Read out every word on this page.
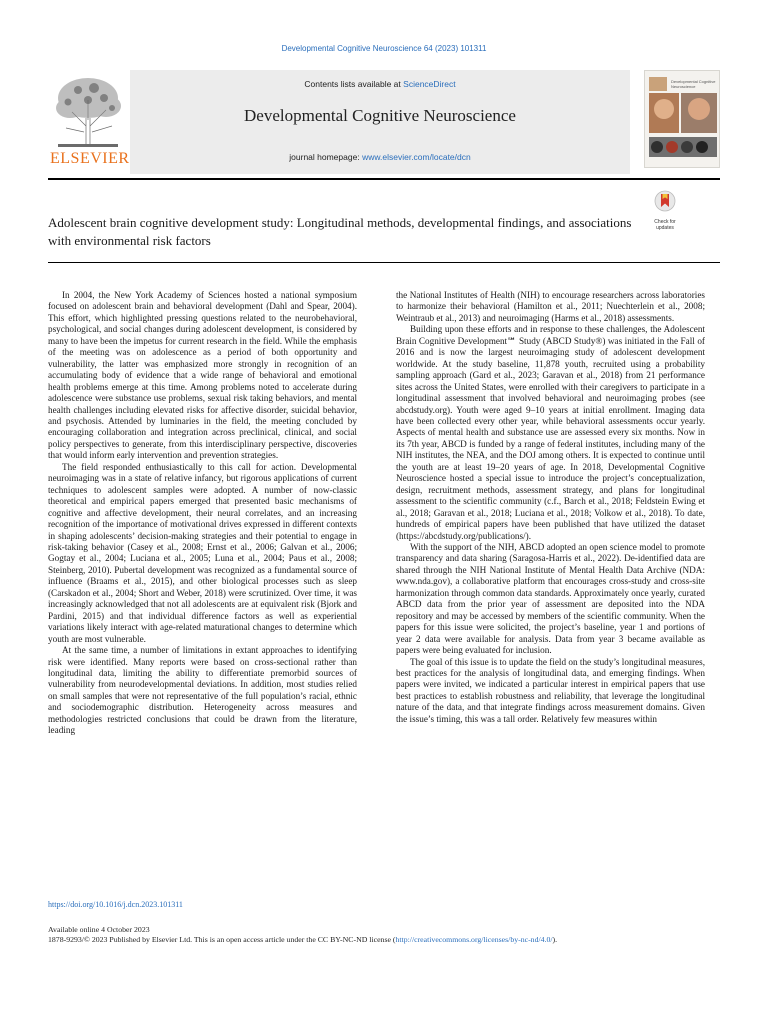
Developmental Cognitive Neuroscience 64 (2023) 101311
ELSEVIER
Contents lists available at ScienceDirect
Developmental Cognitive Neuroscience
journal homepage: www.elsevier.com/locate/dcn
Developmental Cognitive Neuroscience
Adolescent brain cognitive development study: Longitudinal methods, developmental findings, and associations with environmental risk factors
Check for updates

In 2004, the New York Academy of Sciences hosted a national symposium focused on adolescent brain and behavioral development (Dahl and Spear, 2004). This effort, which highlighted pressing questions related to the neurobehavioral, psychological, and social changes during adolescent development, is considered by many to have been the impetus for current research in the field. While the emphasis of the meeting was on adolescence as a period of both opportunity and vulnerability, the latter was emphasized more strongly in recognition of an accumulating body of evidence that a wide range of behavioral and emotional health problems emerge at this time. Among problems noted to accelerate during adolescence were substance use problems, sexual risk taking behaviors, and mental health challenges including elevated risks for affective disorder, suicidal behavior, and psychosis. Attended by luminaries in the field, the meeting concluded by encouraging collaboration and integration across preclinical, clinical, and social policy perspectives to generate, from this interdisciplinary perspective, discoveries that would inform early intervention and prevention strategies.

The field responded enthusiastically to this call for action. Developmental neuroimaging was in a state of relative infancy, but rigorous applications of current techniques to adolescent samples were adopted. A number of now-classic theoretical and empirical papers emerged that presented basic mechanisms of cognitive and affective development, their neural correlates, and an increasing recognition of the importance of motivational drives expressed in different contexts in shaping adolescents’ decision-making strategies and their potential to engage in risk-taking behavior (Casey et al., 2008; Ernst et al., 2006; Galvan et al., 2006; Gogtay et al., 2004; Luciana et al., 2005; Luna et al., 2004; Paus et al., 2008; Steinberg, 2010). Pubertal development was recognized as a fundamental source of influence (Braams et al., 2015), and other biological processes such as sleep (Carskadon et al., 2004; Short and Weber, 2018) were scrutinized. Over time, it was increasingly acknowledged that not all adolescents are at equivalent risk (Bjork and Pardini, 2015) and that individual difference factors as well as experiential variations likely interact with age-related maturational changes to determine which youth are most vulnerable.

At the same time, a number of limitations in extant approaches to identifying risk were identified. Many reports were based on cross-sectional rather than longitudinal data, limiting the ability to differentiate premorbid sources of vulnerability from neurodevelopmental deviations. In addition, most studies relied on small samples that were not representative of the full population’s racial, ethnic and sociodemographic distribution. Heterogeneity across measures and methodologies restricted conclusions that could be drawn from the literature, leading

the National Institutes of Health (NIH) to encourage researchers across laboratories to harmonize their behavioral (Hamilton et al., 2011; Nuechterlein et al., 2008; Weintraub et al., 2013) and neuroimaging (Harms et al., 2018) assessments.

Building upon these efforts and in response to these challenges, the Adolescent Brain Cognitive Development℠ Study (ABCD Study®) was initiated in the Fall of 2016 and is now the largest neuroimaging study of adolescent development worldwide. At the study baseline, 11,878 youth, recruited using a probability sampling approach (Gard et al., 2023; Garavan et al., 2018) from 21 performance sites across the United States, were enrolled with their caregivers to participate in a longitudinal assessment that involved behavioral and neuroimaging probes (see abcdstudy.org). Youth were aged 9–10 years at initial enrollment. Imaging data have been collected every other year, while behavioral assessments occur yearly. Aspects of mental health and substance use are assessed every six months. Now in its 7th year, ABCD is funded by a range of federal institutes, including many of the NIH institutes, the NEA, and the DOJ among others. It is expected to continue until the youth are at least 19–20 years of age. In 2018, Developmental Cognitive Neuroscience hosted a special issue to introduce the project’s conceptualization, design, recruitment methods, assessment strategy, and plans for longitudinal assessment to the scientific community (c.f., Barch et al., 2018; Feldstein Ewing et al., 2018; Garavan et al., 2018; Luciana et al., 2018; Volkow et al., 2018). To date, hundreds of empirical papers have been published that have utilized the dataset (https://abcdstudy.org/publications/).

With the support of the NIH, ABCD adopted an open science model to promote transparency and data sharing (Saragosa-Harris et al., 2022). De-identified data are shared through the NIH National Institute of Mental Health Data Archive (NDA: www.nda.gov), a collaborative platform that encourages cross-study and cross-site harmonization through common data standards. Approximately once yearly, curated ABCD data from the prior year of assessment are deposited into the NDA repository and may be accessed by members of the scientific community. When the papers for this issue were solicited, the project’s baseline, year 1 and portions of year 2 data were available for analysis. Data from year 3 became available as papers were being evaluated for inclusion.

The goal of this issue is to update the field on the study’s longitudinal measures, best practices for the analysis of longitudinal data, and emerging findings. When papers were invited, we indicated a particular interest in empirical papers that use best practices to establish robustness and reliability, that leverage the longitudinal nature of the data, and that integrate findings across measurement domains. Given the issue’s timing, this was a tall order. Relatively few measures within

https://doi.org/10.1016/j.dcn.2023.101311
Available online 4 October 2023
1878-9293/© 2023 Published by Elsevier Ltd. This is an open access article under the CC BY-NC-ND license (http://creativecommons.org/licenses/by-nc-nd/4.0/).
